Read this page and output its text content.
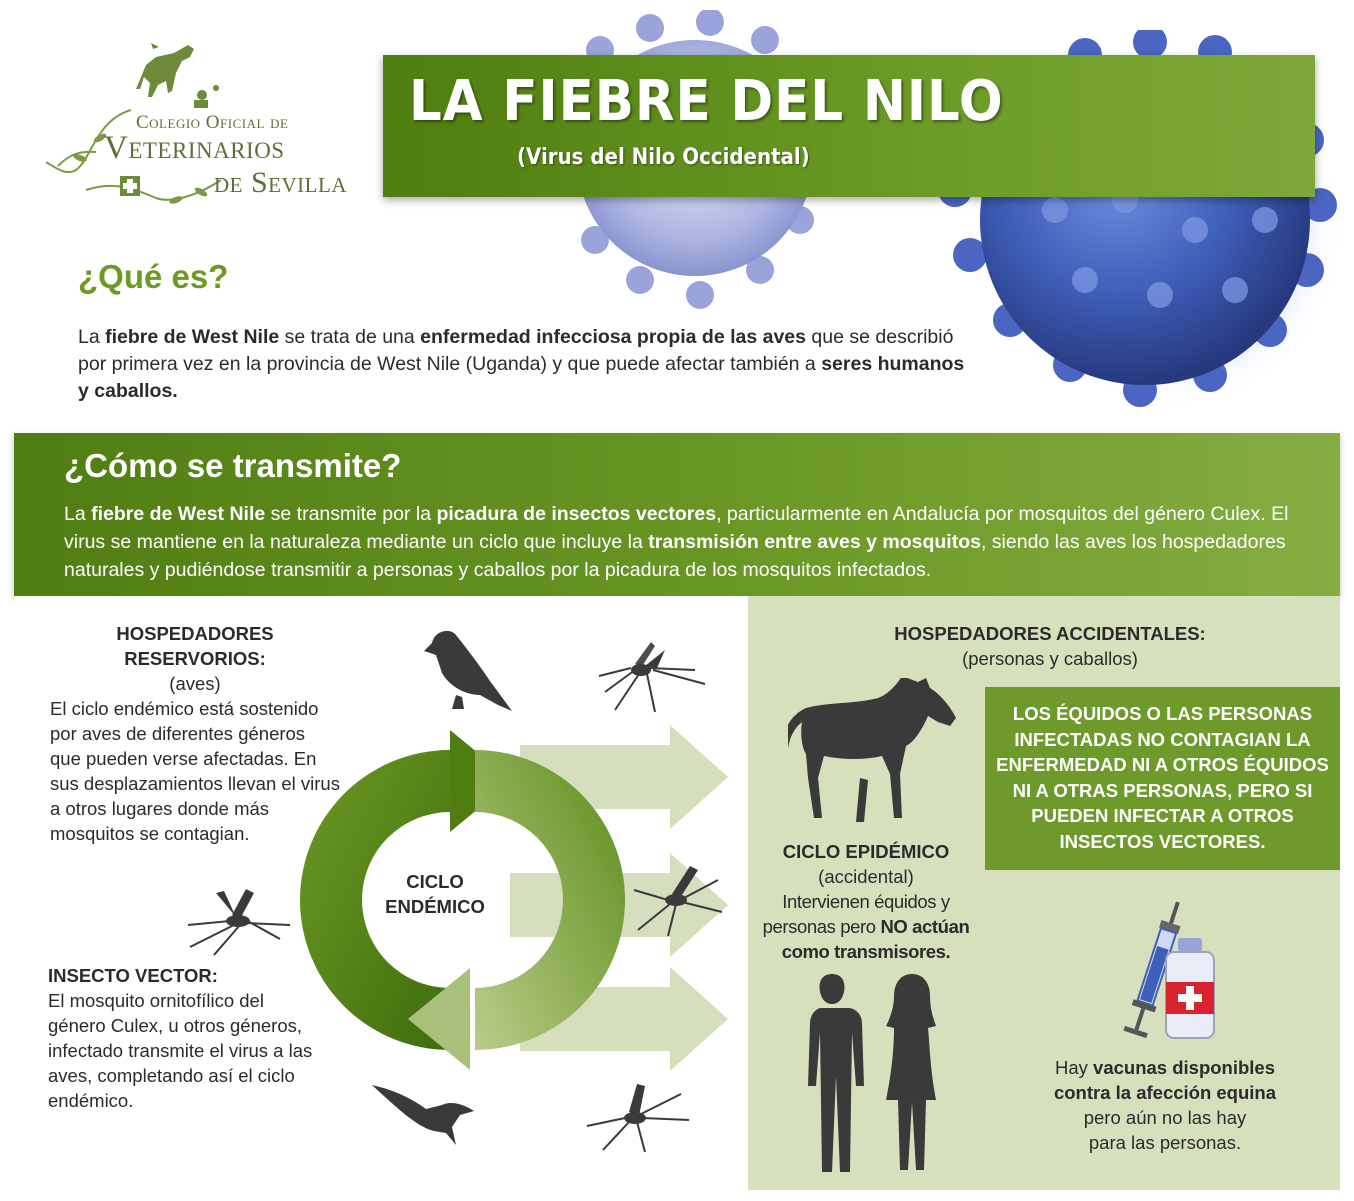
Colegio Oficial de
Veterinarios
de Sevilla
LA FIEBRE DEL NILO
(Virus del Nilo Occidental)
¿Qué es?
La fiebre de West Nile se trata de una enfermedad infecciosa propia de las aves que se describió por primera vez en la provincia de West Nile (Uganda) y que puede afectar también a seres humanos y caballos.
¿Cómo se transmite?
La fiebre de West Nile se transmite por la picadura de insectos vectores, particularmente en Andalucía por mosquitos del género Culex. El virus se mantiene en la naturaleza mediante un ciclo que incluye la transmisión entre aves y mosquitos, siendo las aves los hospedadores naturales y pudiéndose transmitir a personas y caballos por la picadura de los mosquitos infectados.
CICLO ENDÉMICO
HOSPEDADORES
RESERVORIOS:
(aves)
El ciclo endémico está sostenido por aves de diferentes géneros que pueden verse afectadas. En sus desplazamientos llevan el virus a otros lugares donde más mosquitos se contagian.
INSECTO VECTOR:
El mosquito ornitofílico del género Culex, u otros géneros, infectado transmite el virus a las aves, completando así el ciclo endémico.
HOSPEDADORES ACCIDENTALES:
(personas y caballos)
LOS ÉQUIDOS O LAS PERSONAS INFECTADAS NO CONTAGIAN LA ENFERMEDAD NI A OTROS ÉQUIDOS NI A OTRAS PERSONAS, PERO SI PUEDEN INFECTAR A OTROS INSECTOS VECTORES.
CICLO EPIDÉMICO
(accidental)
Intervienen équidos y personas pero NO actúan como transmisores.
Hay vacunas disponibles contra la afección equina
pero aún no las hay para las personas.
